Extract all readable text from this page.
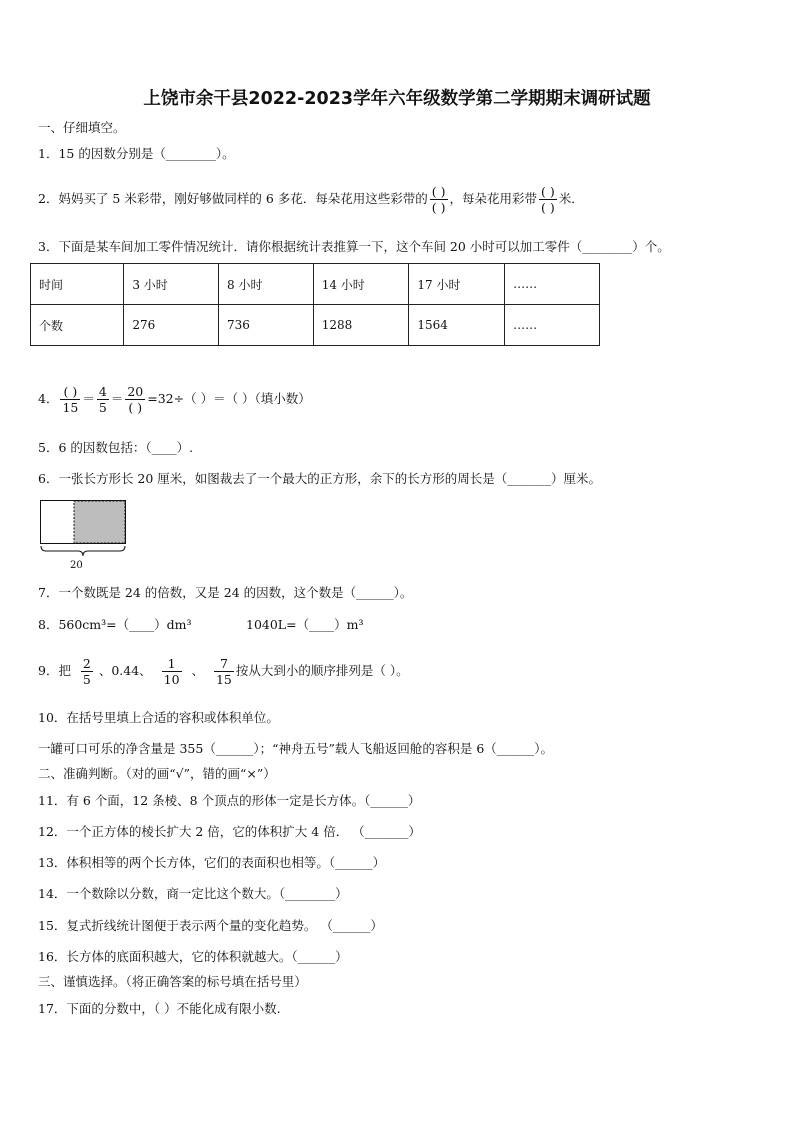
上饶市余干县2022-2023学年六年级数学第二学期期末调研试题
一、仔细填空。
1．15 的因数分别是（________）。
2．妈妈买了 5 米彩带，刚好够做同样的 6 多花．每朵花用这些彩带的 $\frac{( )}{( )}$ ，每朵花用彩带 $\frac{( )}{( )}$ 米．
3．下面是某车间加工零件情况统计．请你根据统计表推算一下，这个车间 20 小时可以加工零件（________）个。
时间	3 小时	8 小时	14 小时	17 小时	……
个数	276	736	1288	1564	……
4． $\frac{( )}{15} = \frac{4}{5} = \frac{20}{( )} =32\div$（ ）＝（ ）（填小数）
5．6 的因数包括：（____）.
6．一张长方形长 20 厘米，如图裁去了一个最大的正方形，余下的长方形的周长是（_______）厘米。
20
7．一个数既是 24 的倍数，又是 24 的因数，这个数是（______）。
8．560cm³=（____）dm³	1040L=（____）m³
9．把 $\frac{2}{5}$ 、0.44、 $\frac{1}{10}$ 、 $\frac{7}{15}$ 按从大到小的顺序排列是（ ）。
10．在括号里填上合适的容积或体积单位。
一罐可口可乐的净含量是 355（______）；“神舟五号”载人飞船返回舱的容积是 6（______）。
二、准确判断。（对的画“√”，错的画“×”）
11．有 6 个面，12 条棱、8 个顶点的形体一定是长方体。（______）
12．一个正方体的棱长扩大 2 倍，它的体积扩大 4 倍． （_______）
13．体积相等的两个长方体，它们的表面积也相等。（______）
14．一个数除以分数，商一定比这个数大。（________）
15．复式折线统计图便于表示两个量的变化趋势。 （______）
16．长方体的底面积越大，它的体积就越大。（______）
三、谨慎选择。（将正确答案的标号填在括号里）
17．下面的分数中，（ ）不能化成有限小数.
